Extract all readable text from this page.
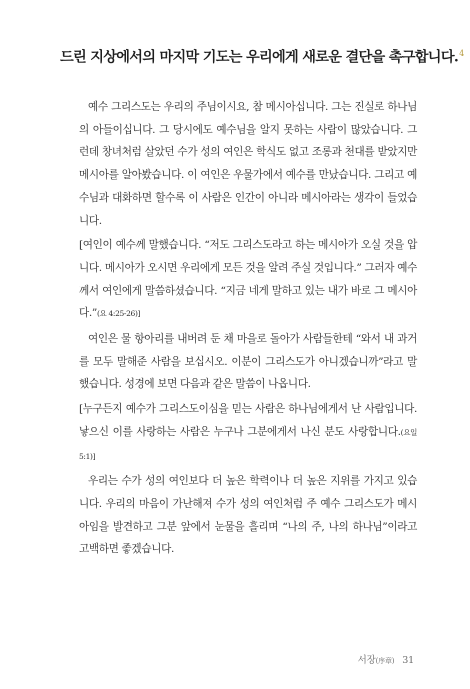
드린 지상에서의 마지막 기도는 우리에게 새로운 결단을 촉구합니다.$^4$

예수 그리스도는 우리의 주님이시요, 참 메시아십니다. 그는 진실로 하나님의 아들이십니다. 그 당시에도 예수님을 알지 못하는 사람이 많았습니다. 그런데 창녀처럼 살았던 수가 성의 여인은 학식도 없고 조롱과 천대를 받았지만 메시아를 알아봤습니다. 이 여인은 우물가에서 예수를 만났습니다. 그리고 예수님과 대화하면 할수록 이 사람은 인간이 아니라 메시아라는 생각이 들었습니다.

[여인이 예수께 말했습니다. “저도 그리스도라고 하는 메시아가 오실 것을 압니다. 메시아가 오시면 우리에게 모든 것을 알려 주실 것입니다.” 그러자 예수께서 여인에게 말씀하셨습니다. “지금 네게 말하고 있는 내가 바로 그 메시아다.”(요 4:25-26)]

여인은 물 항아리를 내버려 둔 채 마을로 돌아가 사람들한테 “와서 내 과거를 모두 말해준 사람을 보십시오. 이분이 그리스도가 아니겠습니까”라고 말했습니다. 성경에 보면 다음과 같은 말씀이 나옵니다.

[누구든지 예수가 그리스도이심을 믿는 사람은 하나님에게서 난 사람입니다. 낳으신 이를 사랑하는 사람은 누구나 그분에게서 나신 분도 사랑합니다.(요일 5:1)]

우리는 수가 성의 여인보다 더 높은 학력이나 더 높은 지위를 가지고 있습니다. 우리의 마음이 가난해져 수가 성의 여인처럼 주 예수 그리스도가 메시아임을 발견하고 그분 앞에서 눈물을 흘리며 “나의 주, 나의 하나님”이라고 고백하면 좋겠습니다.

서장(序章) 31
